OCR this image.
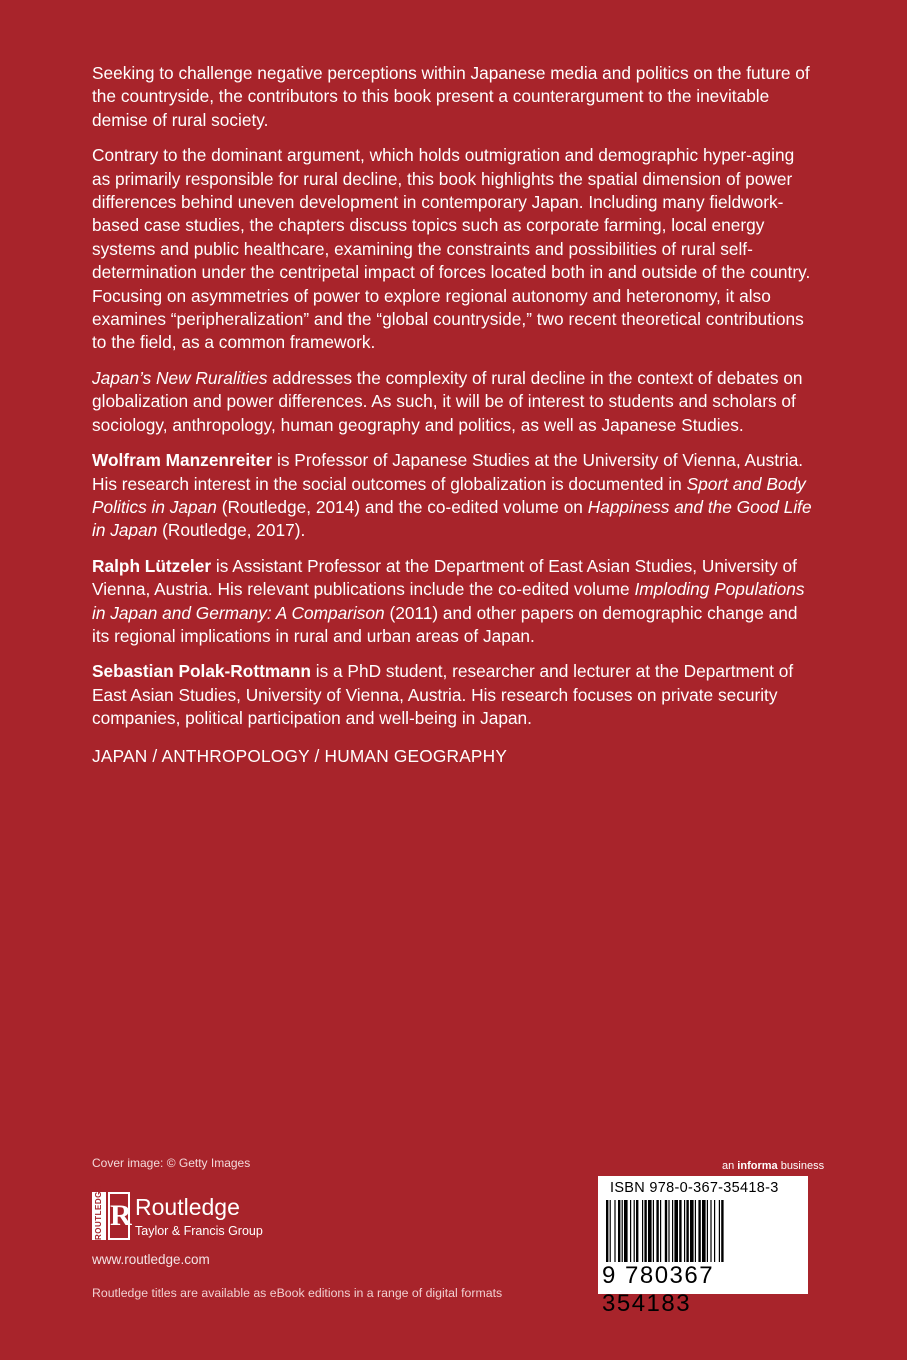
Seeking to challenge negative perceptions within Japanese media and politics on the future of the countryside, the contributors to this book present a counterargument to the inevitable demise of rural society.

Contrary to the dominant argument, which holds outmigration and demographic hyper-aging as primarily responsible for rural decline, this book highlights the spatial dimension of power differences behind uneven development in contemporary Japan. Including many fieldwork-based case studies, the chapters discuss topics such as corporate farming, local energy systems and public healthcare, examining the constraints and possibilities of rural self-determination under the centripetal impact of forces located both in and outside of the country. Focusing on asymmetries of power to explore regional autonomy and heteronomy, it also examines “peripheralization” and the “global countryside,” two recent theoretical contributions to the field, as a common framework.

Japan’s New Ruralities addresses the complexity of rural decline in the context of debates on globalization and power differences. As such, it will be of interest to students and scholars of sociology, anthropology, human geography and politics, as well as Japanese Studies.

Wolfram Manzenreiter is Professor of Japanese Studies at the University of Vienna, Austria. His research interest in the social outcomes of globalization is documented in Sport and Body Politics in Japan (Routledge, 2014) and the co-edited volume on Happiness and the Good Life in Japan (Routledge, 2017).

Ralph Lützeler is Assistant Professor at the Department of East Asian Studies, University of Vienna, Austria. His relevant publications include the co-edited volume Imploding Populations in Japan and Germany: A Comparison (2011) and other papers on demographic change and its regional implications in rural and urban areas of Japan.

Sebastian Polak-Rottmann is a PhD student, researcher and lecturer at the Department of East Asian Studies, University of Vienna, Austria. His research focuses on private security companies, political participation and well-being in Japan.

JAPAN / ANTHROPOLOGY / HUMAN GEOGRAPHY
Cover image: © Getty Images
ROUTLEDGE R Routledge
Taylor & Francis Group
www.routledge.com
Routledge titles are available as eBook editions in a range of digital formats
an informa business
ISBN 978-0-367-35418-3
9 780367 354183
